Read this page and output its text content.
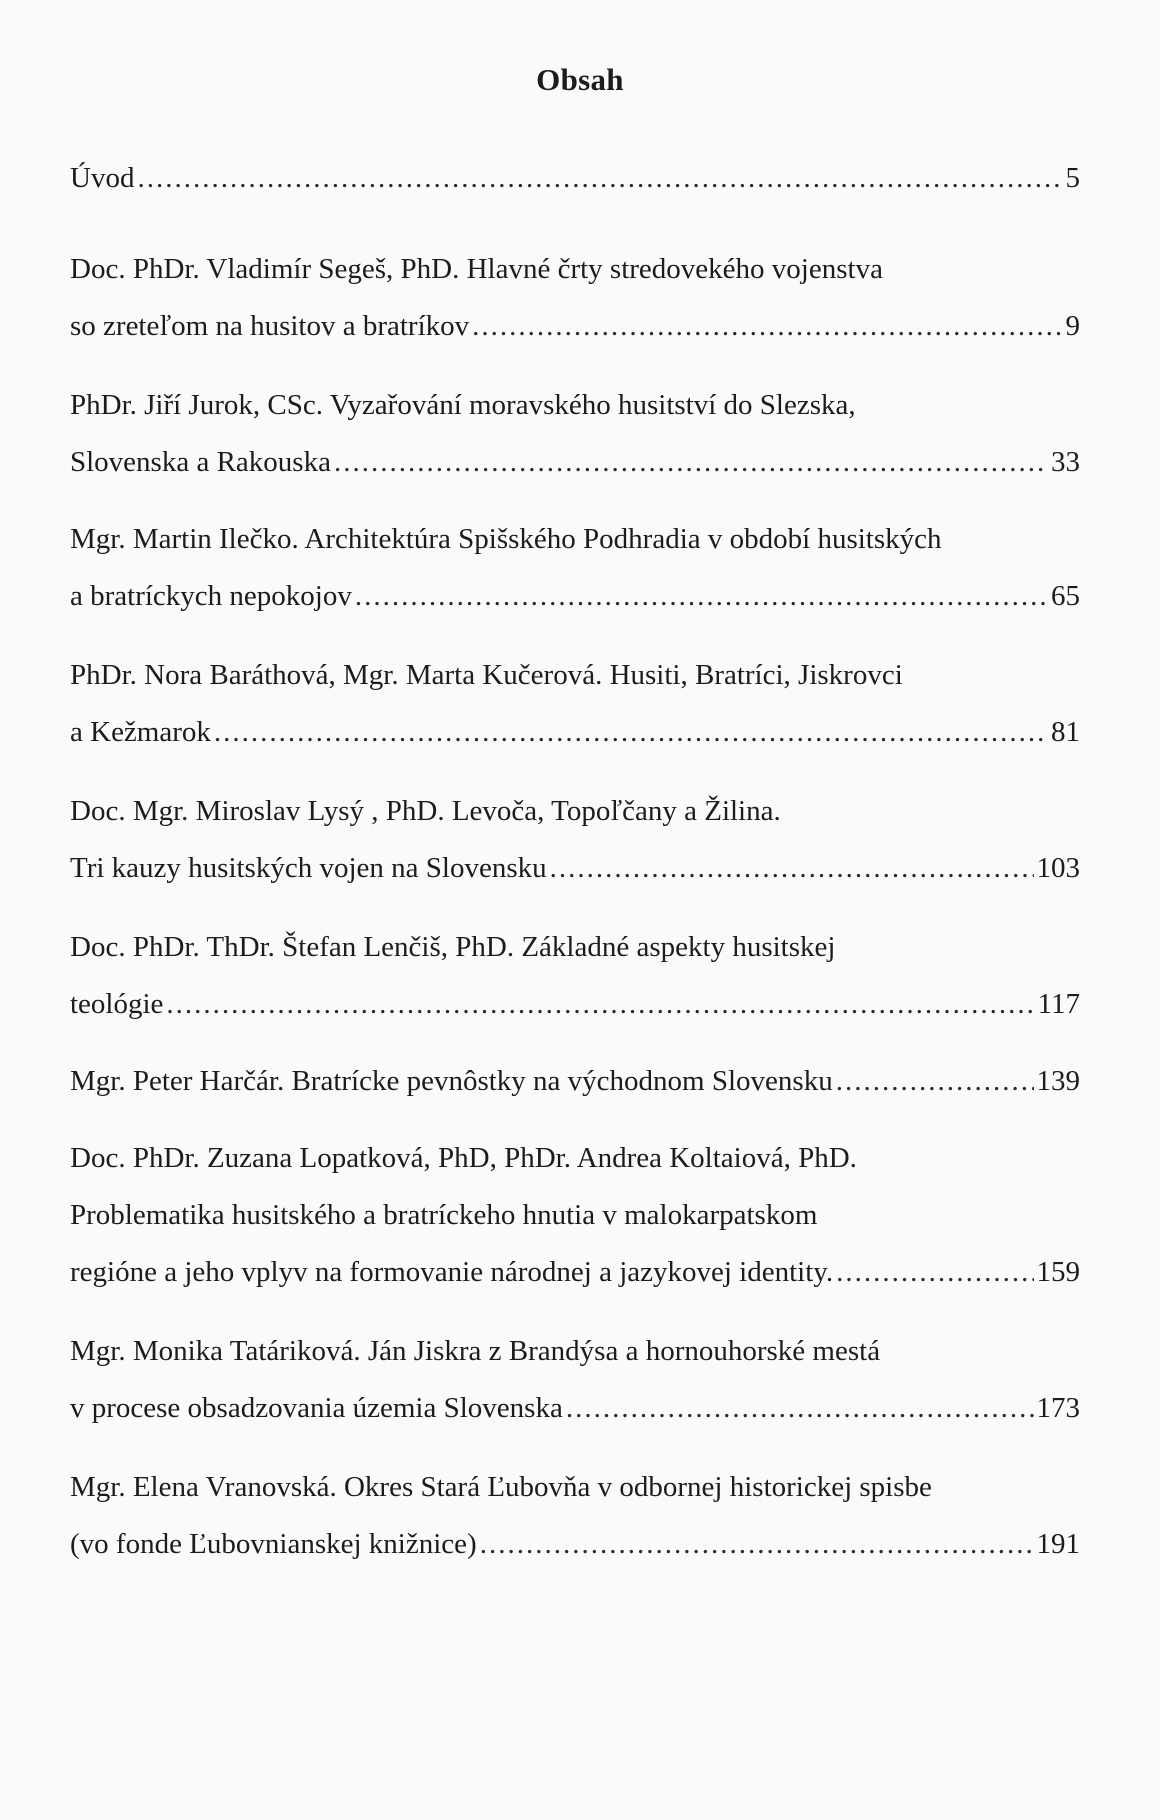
Obsah
Úvod .....	5
Doc. PhDr. Vladimír Segeš, PhD. Hlavné črty stredovekého vojenstva
so zreteľom na husitov a bratríkov .....	9
PhDr. Jiří Jurok, CSc. Vyzařování moravského husitství do Slezska,
Slovenska a Rakouska .....	33
Mgr. Martin Ilečko. Architektúra Spišského Podhradia v období husitských
a bratríckych nepokojov .....	65
PhDr. Nora Baráthová, Mgr. Marta Kučerová. Husiti, Bratríci, Jiskrovci
a Kežmarok .....	81
Doc. Mgr. Miroslav Lysý , PhD. Levoča, Topoľčany a Žilina.
Tri kauzy husitských vojen na Slovensku .....	103
Doc. PhDr. ThDr. Štefan Lenčiš, PhD. Základné aspekty husitskej
teológie .....	117
Mgr. Peter Harčár. Bratrícke pevnôstky na východnom Slovensku .....	139
Doc. PhDr. Zuzana Lopatková, PhD, PhDr. Andrea Koltaiová, PhD.
Problematika husitského a bratríckeho hnutia v malokarpatskom
regióne a jeho vplyv na formovanie národnej a jazykovej identity. .....	159
Mgr. Monika Tatáriková. Ján Jiskra z Brandýsa a hornouhorské mestá
v procese obsadzovania územia Slovenska .....	173
Mgr. Elena Vranovská. Okres Stará Ľubovňa v odbornej historickej spisbe
(vo fonde Ľubovnianskej knižnice) .....	191
